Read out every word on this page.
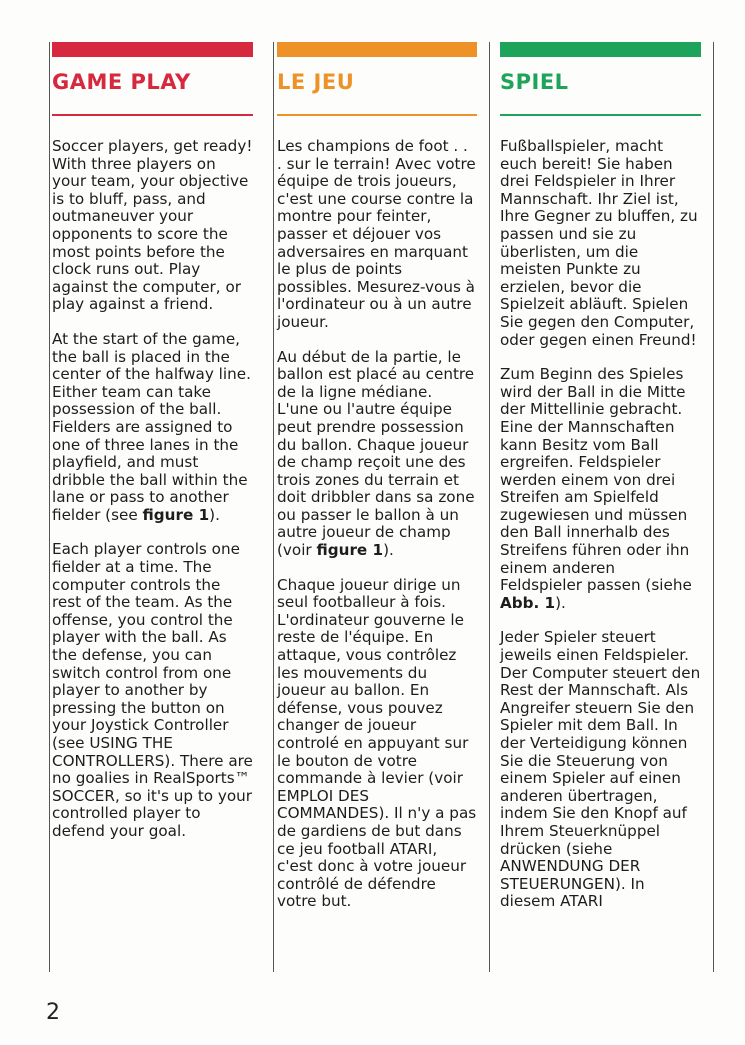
GAME PLAY

Soccer players, get ready! With three players on your team, your objective is to bluff, pass, and outmaneuver your opponents to score the most points before the clock runs out. Play against the computer, or play against a friend.

At the start of the game, the ball is placed in the center of the halfway line. Either team can take possession of the ball. Fielders are assigned to one of three lanes in the playfield, and must dribble the ball within the lane or pass to another fielder (see figure 1).

Each player controls one fielder at a time. The computer controls the rest of the team. As the offense, you control the player with the ball. As the defense, you can switch control from one player to another by pressing the button on your Joystick Controller (see USING THE CONTROLLERS). There are no goalies in RealSports™ SOCCER, so it's up to your controlled player to defend your goal.

LE JEU

Les champions de foot . . . sur le terrain! Avec votre équipe de trois joueurs, c'est une course contre la montre pour feinter, passer et déjouer vos adversaires en marquant le plus de points possibles. Mesurez-vous à l'ordinateur ou à un autre joueur.

Au début de la partie, le ballon est placé au centre de la ligne médiane. L'une ou l'autre équipe peut prendre possession du ballon. Chaque joueur de champ reçoit une des trois zones du terrain et doit dribbler dans sa zone ou passer le ballon à un autre joueur de champ (voir figure 1).

Chaque joueur dirige un seul footballeur à fois. L'ordinateur gouverne le reste de l'équipe. En attaque, vous contrôlez les mouvements du joueur au ballon. En défense, vous pouvez changer de joueur controlé en appuyant sur le bouton de votre commande à levier (voir EMPLOI DES COMMANDES). Il n'y a pas de gardiens de but dans ce jeu football ATARI, c'est donc à votre joueur contrôlé de défendre votre but.

SPIEL

Fußballspieler, macht euch bereit! Sie haben drei Feldspieler in Ihrer Mannschaft. Ihr Ziel ist, Ihre Gegner zu bluffen, zu passen und sie zu überlisten, um die meisten Punkte zu erzielen, bevor die Spielzeit abläuft. Spielen Sie gegen den Computer, oder gegen einen Freund!

Zum Beginn des Spieles wird der Ball in die Mitte der Mittellinie gebracht. Eine der Mannschaften kann Besitz vom Ball ergreifen. Feldspieler werden einem von drei Streifen am Spielfeld zugewiesen und müssen den Ball innerhalb des Streifens führen oder ihn einem anderen Feldspieler passen (siehe Abb. 1).

Jeder Spieler steuert jeweils einen Feldspieler. Der Computer steuert den Rest der Mannschaft. Als Angreifer steuern Sie den Spieler mit dem Ball. In der Verteidigung können Sie die Steuerung von einem Spieler auf einen anderen übertragen, indem Sie den Knopf auf Ihrem Steuerknüppel drücken (siehe ANWENDUNG DER STEUERUNGEN). In diesem ATARI

2
